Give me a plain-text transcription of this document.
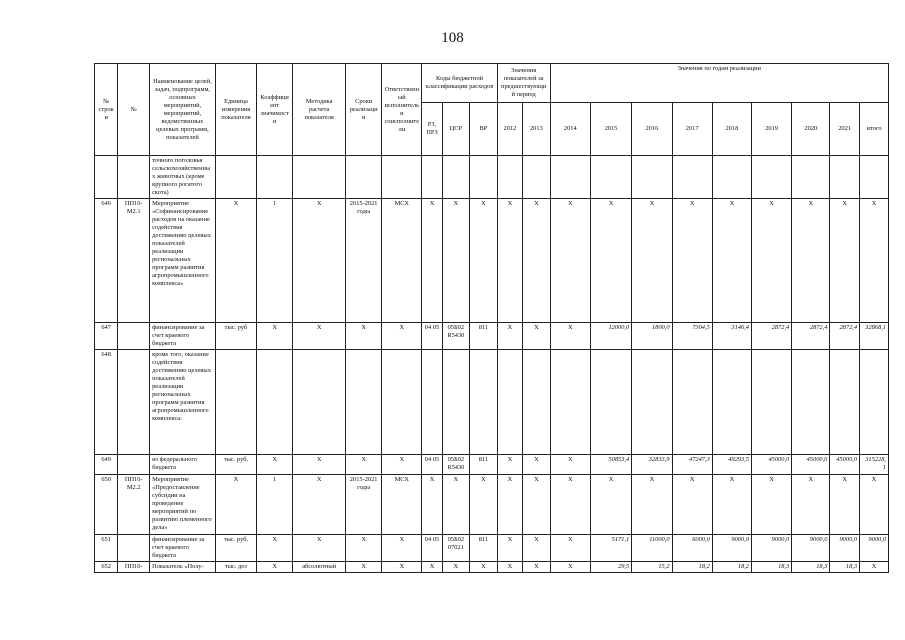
108
№ строки	№	Наименование целей, задач, подпрограмм, основных мероприятий, мероприятий, ведомственных целевых программ, показателей	Единица измерения показателя	Коэффициент значимости	Методика расчета показателя	Сроки реализации	Ответственный исполнитель и соисполнители	Коды бюджетной классификации расходов			Значения показателей за предшествующий период		Значения по годам реализации								
								РЗ, ПРЗ	ЦСР	ВР	2012	2013	2014	2015	2016	2017	2018	2019	2020	2021	итого
		точного поголовья сельскохозяйственных животных (кроме крупного рогатого скота)																			
646	ПП10-М2.1	Мероприятие «Софинансирование расходов на оказание содействия достижению целевых показателей реализации региональных программ развития агропромышленного комплекса»	X	1	X	2015-2021 годы	МСХ	X	X	X	X	X	X	X	X	X	X	X	X	X	X
647		финансирование за счет краевого бюджета	тыс. руб	X	X	X	X	04 05	05Б02 R5430	811	X	X	X	12000,0	1800,0	7304,5	3146,4	2872,4	2872,4	2872,4	32868,1
648		кроме того, оказание содействия достижению целевых показателей реализации региональных программ развития агропромышленного комплекса:																			
649		из федерального бюджета	тыс. руб.	X	X	X	X	04 05	05Б02 R5430	811	X	X	X	50853,4	32833,9	47247,3	49293,5	45000,0	45000,0	45000,0	315228,1
650	ПП10-М2.2	Мероприятие «Предоставление субсидии на проведение мероприятий по развитию племенного дела»	X	1	X	2015-2021 годы	МСХ	X	X	X	X	X	X	X	X	X	X	X	X	X	X
651		финансирование за счет краевого бюджета	тыс. руб.	X	X	X	X	04 05	05Б02 07021	811	X	X	X	5171,1	11000,0	6000,0	9000,0	9000,0	9000,0	9000,0	9000,0
652	ПП10-	Показатель «Полу-	тыс. доз	X	абсолютный	X	X	X	X	X	X	X	X	29,5	15,2	18,2	18,2	18,3	18,3	18,3	X
